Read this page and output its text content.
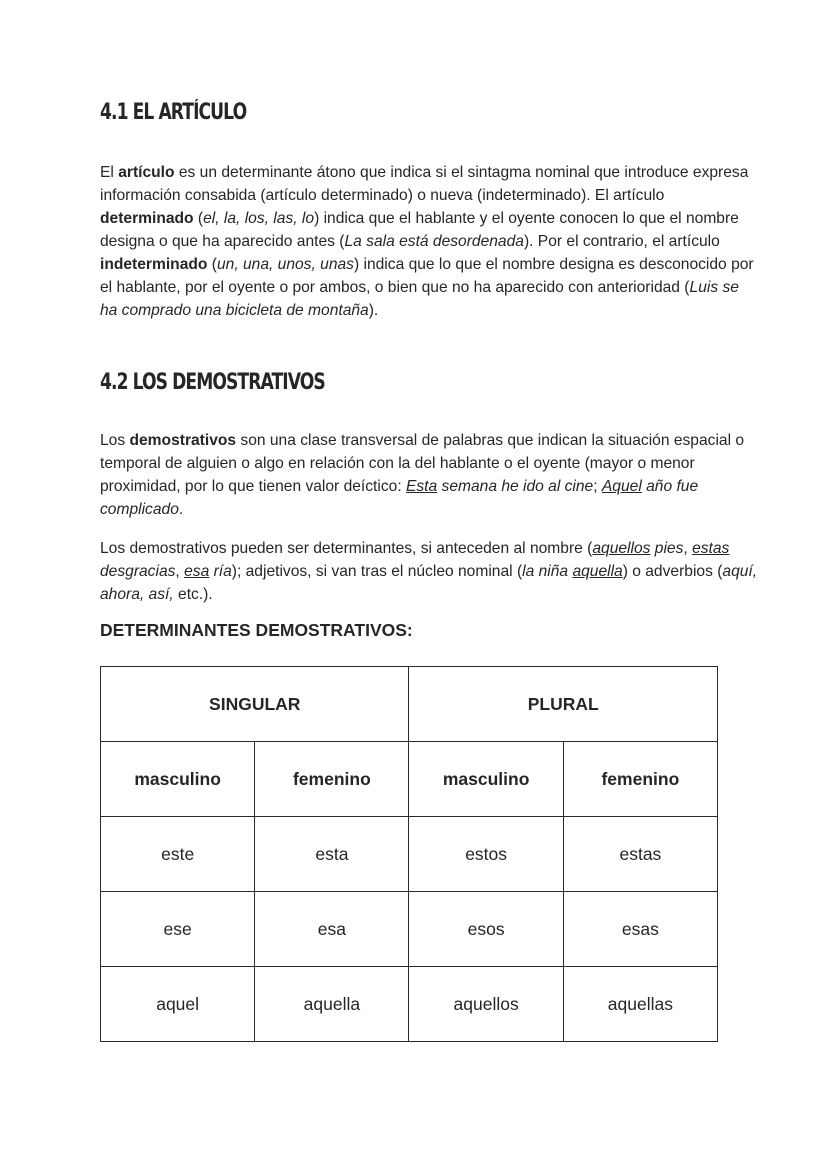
4.1 EL ARTÍCULO

El artículo es un determinante átono que indica si el sintagma nominal que introduce expresa información consabida (artículo determinado) o nueva (indeterminado). El artículo determinado (el, la, los, las, lo) indica que el hablante y el oyente conocen lo que el nombre designa o que ha aparecido antes (La sala está desordenada). Por el contrario, el artículo indeterminado (un, una, unos, unas) indica que lo que el nombre designa es desconocido por el hablante, por el oyente o por ambos, o bien que no ha aparecido con anterioridad (Luis se ha comprado una bicicleta de montaña).

4.2 LOS DEMOSTRATIVOS

Los demostrativos son una clase transversal de palabras que indican la situación espacial o temporal de alguien o algo en relación con la del hablante o el oyente (mayor o menor proximidad, por lo que tienen valor deíctico: Esta semana he ido al cine; Aquel año fue complicado.

Los demostrativos pueden ser determinantes, si anteceden al nombre (aquellos pies, estas desgracias, esa ría); adjetivos, si van tras el núcleo nominal (la niña aquella) o adverbios (aquí, ahora, así, etc.).

DETERMINANTES DEMOSTRATIVOS:
SINGULAR		PLURAL	
masculino	femenino	masculino	femenino
este	esta	estos	estas
ese	esa	esos	esas
aquel	aquella	aquellos	aquellas
